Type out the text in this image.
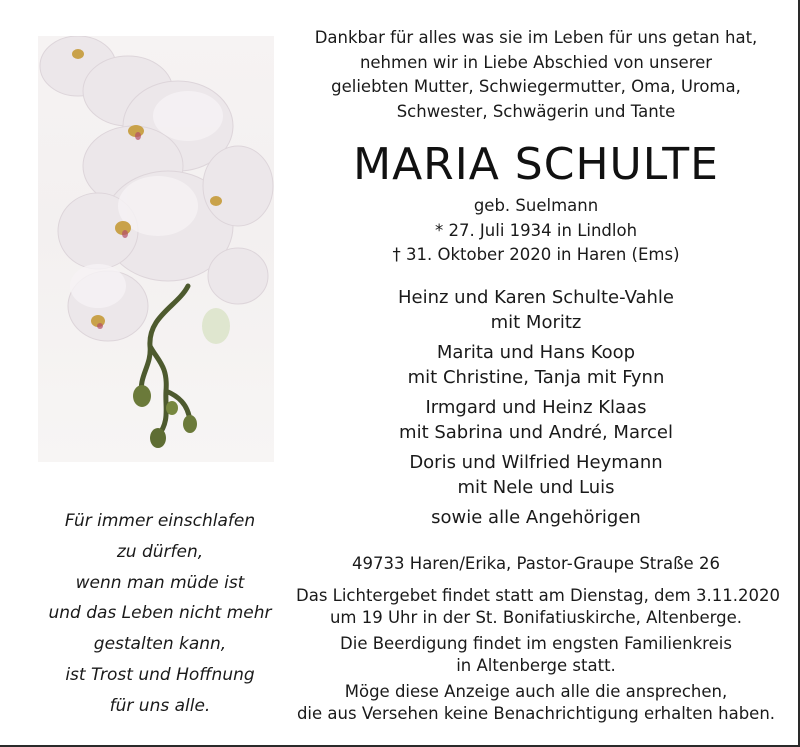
Dankbar für alles was sie im Leben für uns getan hat,
nehmen wir in Liebe Abschied von unserer
geliebten Mutter, Schwiegermutter, Oma, Uroma,
Schwester, Schwägerin und Tante
MARIA SCHULTE
geb. Suelmann
* 27. Juli 1934 in Lindloh
† 31. Oktober 2020 in Haren (Ems)
Heinz und Karen Schulte-Vahle
mit Moritz
Marita und Hans Koop
mit Christine, Tanja mit Fynn
Irmgard und Heinz Klaas
mit Sabrina und André, Marcel
Doris und Wilfried Heymann
mit Nele und Luis
sowie alle Angehörigen
49733 Haren/Erika, Pastor-Graupe Straße 26
Das Lichtergebet findet statt am Dienstag, dem 3.11.2020
um 19 Uhr in der St. Bonifatiuskirche, Altenberge.
Die Beerdigung findet im engsten Familienkreis
in Altenberge statt.
Möge diese Anzeige auch alle die ansprechen,
die aus Versehen keine Benachrichtigung erhalten haben.
Für immer einschlafen
zu dürfen,
wenn man müde ist
und das Leben nicht mehr
gestalten kann,
ist Trost und Hoffnung
für uns alle.
